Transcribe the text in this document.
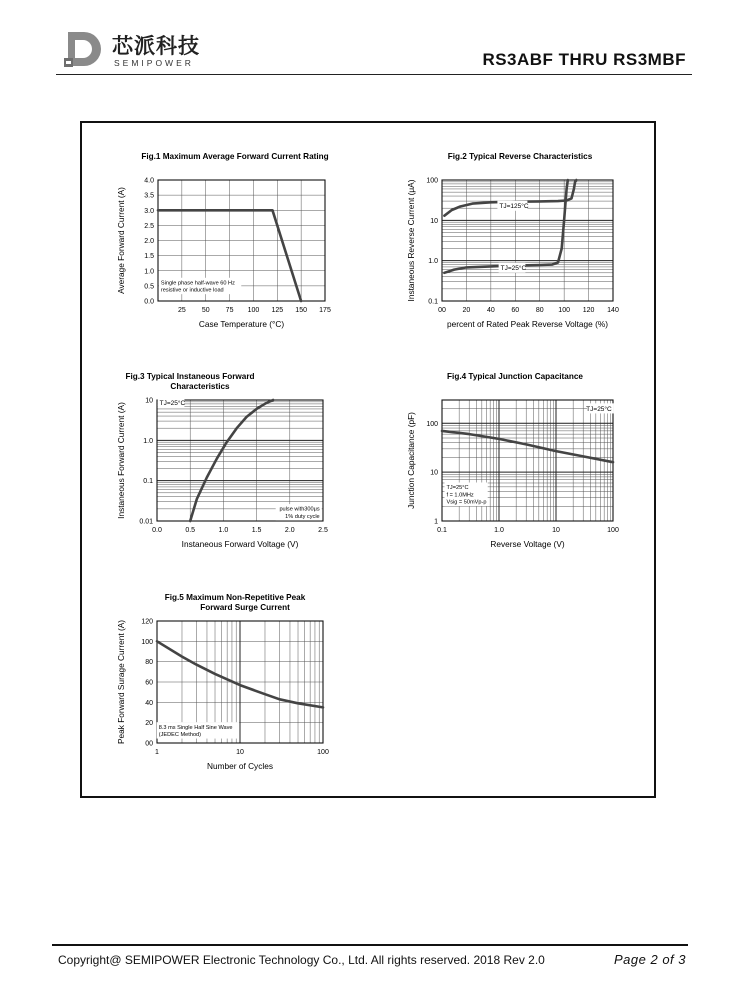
芯派科技
SEMIPOWER	RS3ABF THRU RS3MBF
Fig.1 Maximum Average Forward Current Rating
25 50 75 100 125 150 175
0.0
0.5
1.0
1.5
2.0
2.5
3.0
3.5
4.0
Case Temperature (°C)
Average Forward Current (A)	Single phase half-wave 60 Hz
resistive or inductive load
Fig.2 Typical Reverse Characteristics
00 20 40 60 80 100 120 140
0.1
1.0
10
100
percent of Rated Peak Reverse Voltage (%)
Instaneous Reverse Current (μA)	TJ=125°C
TJ=25°C
Fig.3 Typical Instaneous Forward Characteristics
0.0	0.5	1.0	1.5	2.0	2.5
0.01
0.1
1.0
10
Instaneous Forward Voltage (V)
Instaneous Forward Current (A)	TJ=25°C
pulse with300μs
1% duty cycle
Fig.4 Typical Junction Capacitance
0.1	1.0	10	100
1
10
100
Reverse Voltage (V)
Junction Capacitance (pF)
TJ=25°C
TJ=25°C
f = 1.0MHz
Vsig = 50mVp-p
Fig.5 Maximum Non-Repetitive Peak Forward Surge Current
1	10	100
00
20
40
60
80
100
120
Number of Cycles
Peak Forward Surage Current (A)	8.3 ms Single Half Sine Wave
(JEDEC Method)
Copyright@ SEMIPOWER Electronic Technology Co., Ltd. All rights reserved. 2018 Rev 2.0	Page 2 of 3
